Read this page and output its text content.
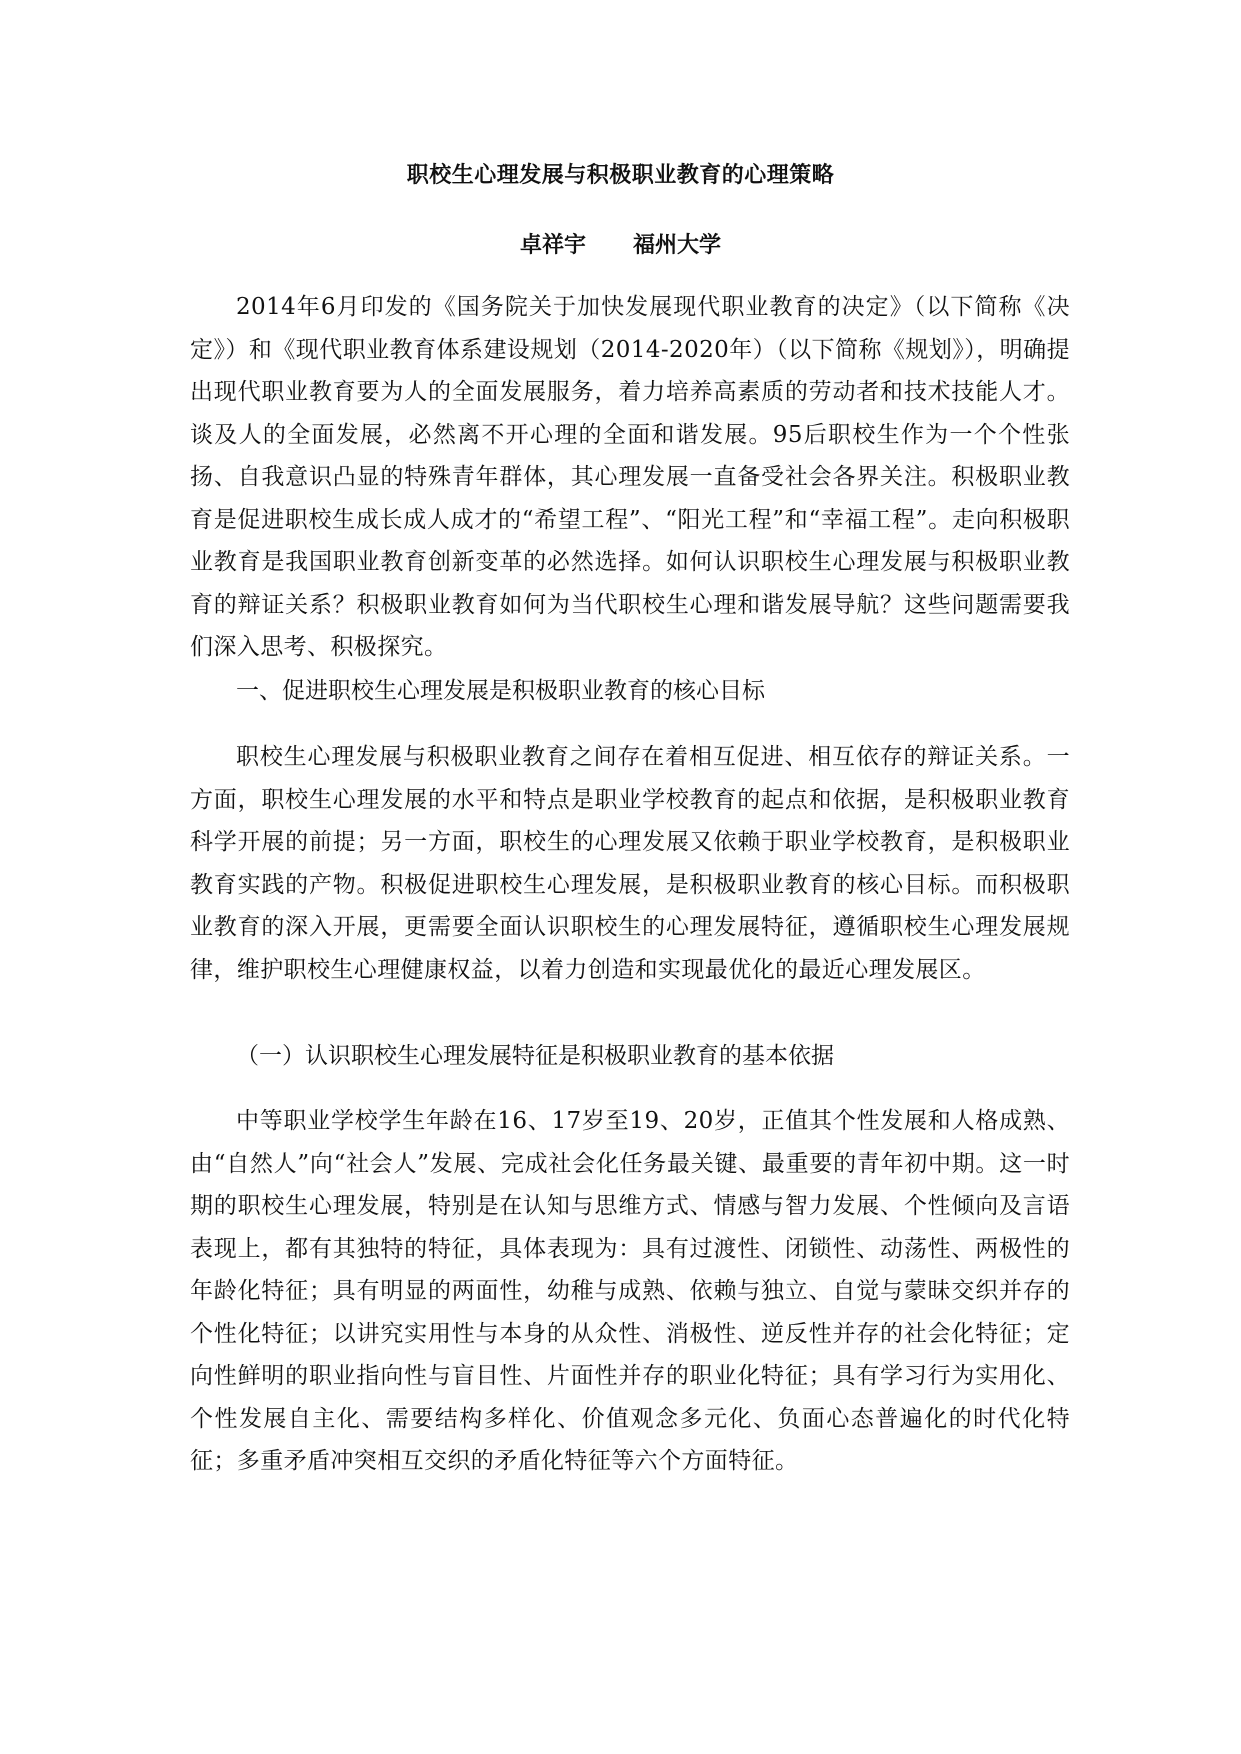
职校生心理发展与积极职业教育的心理策略
卓祥宇   福州大学

2014年6月印发的《国务院关于加快发展现代职业教育的决定》（以下简称《决定》）和《现代职业教育体系建设规划（2014-2020年）（以下简称《规划》），明确提出现代职业教育要为人的全面发展服务，着力培养高素质的劳动者和技术技能人才。谈及人的全面发展，必然离不开心理的全面和谐发展。95后职校生作为一个个性张扬、自我意识凸显的特殊青年群体，其心理发展一直备受社会各界关注。积极职业教育是促进职校生成长成人成才的“希望工程”、“阳光工程”和“幸福工程”。走向积极职业教育是我国职业教育创新变革的必然选择。如何认识职校生心理发展与积极职业教育的辩证关系？积极职业教育如何为当代职校生心理和谐发展导航？这些问题需要我们深入思考、积极探究。

一、促进职校生心理发展是积极职业教育的核心目标

职校生心理发展与积极职业教育之间存在着相互促进、相互依存的辩证关系。一方面，职校生心理发展的水平和特点是职业学校教育的起点和依据，是积极职业教育科学开展的前提；另一方面，职校生的心理发展又依赖于职业学校教育，是积极职业教育实践的产物。积极促进职校生心理发展，是积极职业教育的核心目标。而积极职业教育的深入开展，更需要全面认识职校生的心理发展特征，遵循职校生心理发展规律，维护职校生心理健康权益，以着力创造和实现最优化的最近心理发展区。

（一）认识职校生心理发展特征是积极职业教育的基本依据

中等职业学校学生年龄在16、17岁至19、20岁，正值其个性发展和人格成熟、由“自然人”向“社会人”发展、完成社会化任务最关键、最重要的青年初中期。这一时期的职校生心理发展，特别是在认知与思维方式、情感与智力发展、个性倾向及言语表现上，都有其独特的特征，具体表现为：具有过渡性、闭锁性、动荡性、两极性的年龄化特征；具有明显的两面性，幼稚与成熟、依赖与独立、自觉与蒙昧交织并存的个性化特征；以讲究实用性与本身的从众性、消极性、逆反性并存的社会化特征；定向性鲜明的职业指向性与盲目性、片面性并存的职业化特征；具有学习行为实用化、个性发展自主化、需要结构多样化、价值观念多元化、负面心态普遍化的时代化特征；多重矛盾冲突相互交织的矛盾化特征等六个方面特征。
